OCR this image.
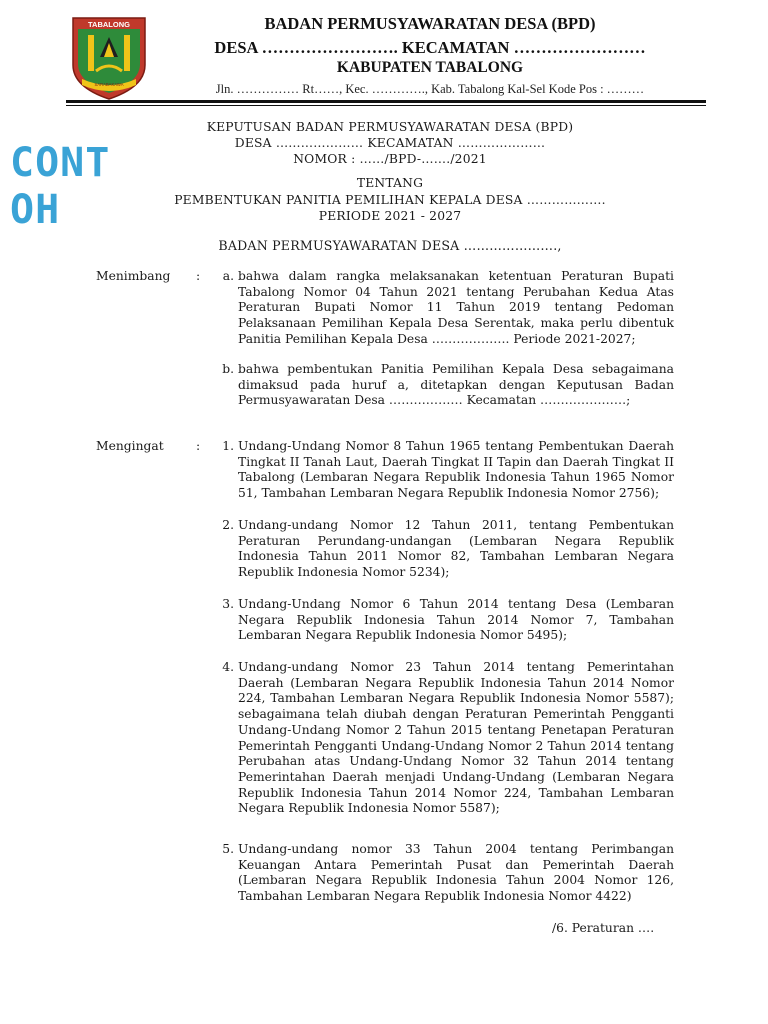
TABALONG
SARABAKAWA
BADAN PERMUSYAWARATAN DESA (BPD)
DESA ……………………. KECAMATAN ……………………
KABUPATEN TABALONG
Jln. …………… Rt……, Kec. …………., Kab. Tabalong Kal-Sel Kode Pos : ………
CONT
OH
KEPUTUSAN BADAN PERMUSYAWARATAN DESA (BPD)
DESA ………………… KECAMATAN …………………
NOMOR : ……/BPD-……./2021
TENTANG
PEMBENTUKAN PANITIA PEMILIHAN KEPALA DESA ……………….
PERIODE 2021 - 2027
BADAN PERMUSYAWARATAN DESA ………………….,
Menimbang :	a. bahwa dalam rangka melaksanakan ketentuan Peraturan Bupati Tabalong Nomor 04 Tahun 2021 tentang Perubahan Kedua Atas Peraturan Bupati Nomor 11 Tahun 2019 tentang Pedoman Pelaksanaan Pemilihan Kepala Desa Serentak, maka perlu dibentuk Panitia Pemilihan Kepala Desa ………………. Periode 2021-2027;
b. bahwa pembentukan Panitia Pemilihan Kepala Desa sebagaimana dimaksud pada huruf a, ditetapkan dengan Keputusan Badan Permusyawaratan Desa ……………… Kecamatan …………………;
Mengingat	:	1. Undang-Undang Nomor 8 Tahun 1965 tentang Pembentukan Daerah Tingkat II Tanah Laut, Daerah Tingkat II Tapin dan Daerah Tingkat II Tabalong (Lembaran Negara Republik Indonesia Tahun 1965 Nomor 51, Tambahan Lembaran Negara Republik Indonesia Nomor 2756);
2. Undang-undang Nomor 12 Tahun 2011, tentang Pembentukan Peraturan Perundang-undangan (Lembaran Negara Republik Indonesia Tahun 2011 Nomor 82, Tambahan Lembaran Negara Republik Indonesia Nomor 5234);
3. Undang-Undang Nomor 6 Tahun 2014 tentang Desa (Lembaran Negara Republik Indonesia Tahun 2014 Nomor 7, Tambahan Lembaran Negara Republik Indonesia Nomor 5495);
4. Undang-undang Nomor 23 Tahun 2014 tentang Pemerintahan Daerah (Lembaran Negara Republik Indonesia Tahun 2014 Nomor 224, Tambahan Lembaran Negara Republik Indonesia Nomor 5587); sebagaimana telah diubah dengan Peraturan Pemerintah Pengganti Undang-Undang Nomor 2 Tahun 2015 tentang Penetapan Peraturan Pemerintah Pengganti Undang-Undang Nomor 2 Tahun 2014 tentang Perubahan atas Undang-Undang Nomor 32 Tahun 2014 tentang Pemerintahan Daerah menjadi Undang-Undang (Lembaran Negara Republik Indonesia Tahun 2014 Nomor 224, Tambahan Lembaran Negara Republik Indonesia Nomor 5587);
5. Undang-undang nomor 33 Tahun 2004 tentang Perimbangan Keuangan Antara Pemerintah Pusat dan Pemerintah Daerah (Lembaran Negara Republik Indonesia Tahun 2004 Nomor 126, Tambahan Lembaran Negara Republik Indonesia Nomor 4422)
/6. Peraturan ….
